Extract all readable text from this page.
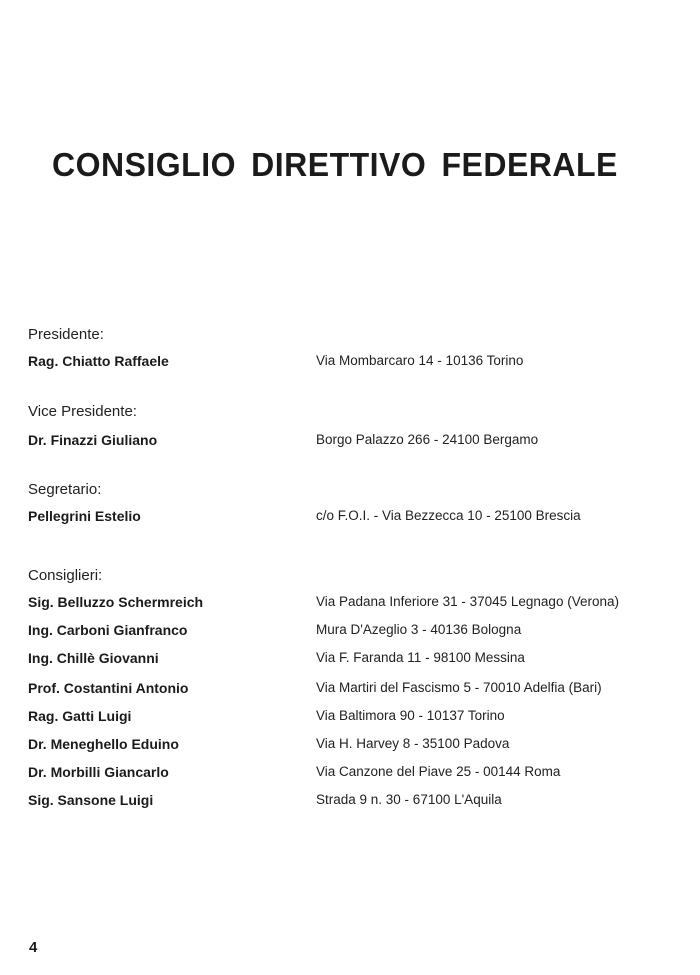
CONSIGLIO DIRETTIVO FEDERALE
Presidente:
Rag. Chiatto Raffaele	Via Mombarcaro 14 - 10136 Torino
Vice Presidente:
Dr. Finazzi Giuliano	Borgo Palazzo 266 - 24100 Bergamo
Segretario:
Pellegrini Estelio	c/o F.O.I. - Via Bezzecca 10 - 25100 Brescia
Consiglieri:
Sig. Belluzzo Schermreich	Via Padana Inferiore 31 - 37045 Legnago (Verona)
Ing. Carboni Gianfranco	Mura D'Azeglio 3 - 40136 Bologna
Ing. Chillè Giovanni	Via F. Faranda 11 - 98100 Messina
Prof. Costantini Antonio	Via Martiri del Fascismo 5 - 70010 Adelfia (Bari)
Rag. Gatti Luigi	Via Baltimora 90 - 10137 Torino
Dr. Meneghello Eduino	Via H. Harvey 8 - 35100 Padova
Dr. Morbilli Giancarlo	Via Canzone del Piave 25 - 00144 Roma
Sig. Sansone Luigi	Strada 9 n. 30 - 67100 L'Aquila
4
